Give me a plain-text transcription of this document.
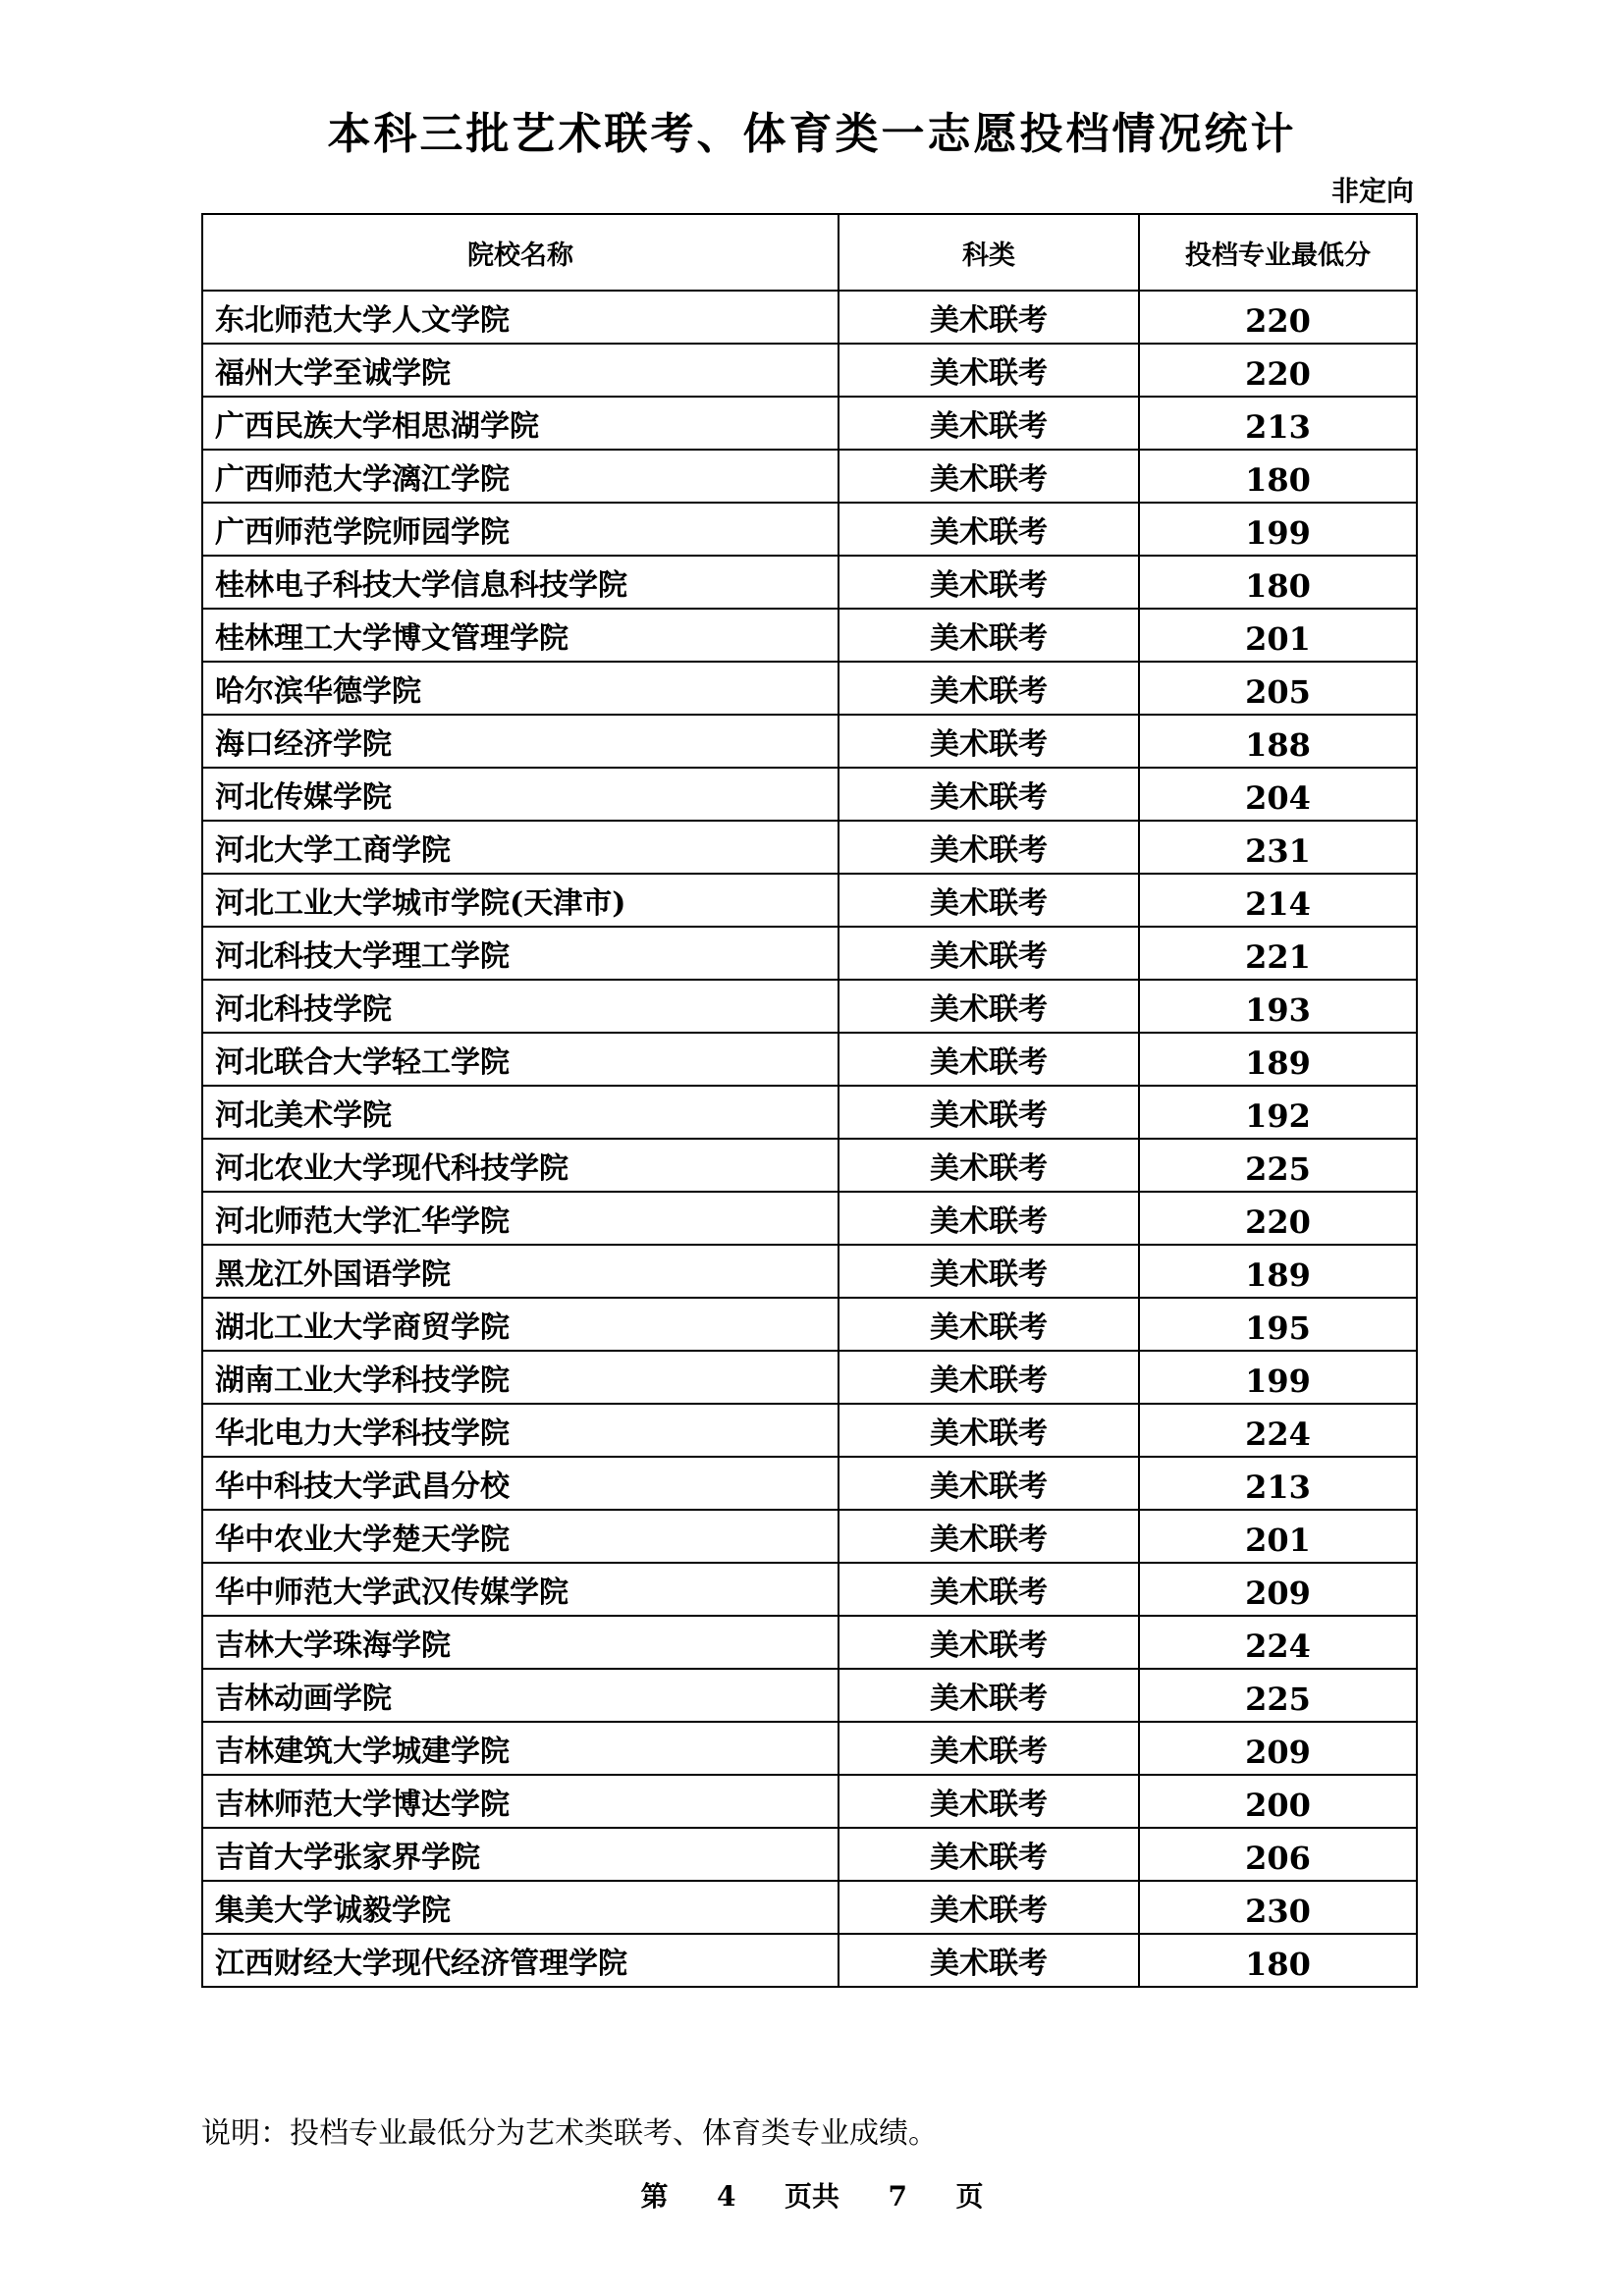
本科三批艺术联考、体育类一志愿投档情况统计
非定向
院校名称	科类	投档专业最低分
东北师范大学人文学院	美术联考	220
福州大学至诚学院	美术联考	220
广西民族大学相思湖学院	美术联考	213
广西师范大学漓江学院	美术联考	180
广西师范学院师园学院	美术联考	199
桂林电子科技大学信息科技学院	美术联考	180
桂林理工大学博文管理学院	美术联考	201
哈尔滨华德学院	美术联考	205
海口经济学院	美术联考	188
河北传媒学院	美术联考	204
河北大学工商学院	美术联考	231
河北工业大学城市学院(天津市)	美术联考	214
河北科技大学理工学院	美术联考	221
河北科技学院	美术联考	193
河北联合大学轻工学院	美术联考	189
河北美术学院	美术联考	192
河北农业大学现代科技学院	美术联考	225
河北师范大学汇华学院	美术联考	220
黑龙江外国语学院	美术联考	189
湖北工业大学商贸学院	美术联考	195
湖南工业大学科技学院	美术联考	199
华北电力大学科技学院	美术联考	224
华中科技大学武昌分校	美术联考	213
华中农业大学楚天学院	美术联考	201
华中师范大学武汉传媒学院	美术联考	209
吉林大学珠海学院	美术联考	224
吉林动画学院	美术联考	225
吉林建筑大学城建学院	美术联考	209
吉林师范大学博达学院	美术联考	200
吉首大学张家界学院	美术联考	206
集美大学诚毅学院	美术联考	230
江西财经大学现代经济管理学院	美术联考	180
说明：投档专业最低分为艺术类联考、体育类专业成绩。
第 4 页共 7 页
